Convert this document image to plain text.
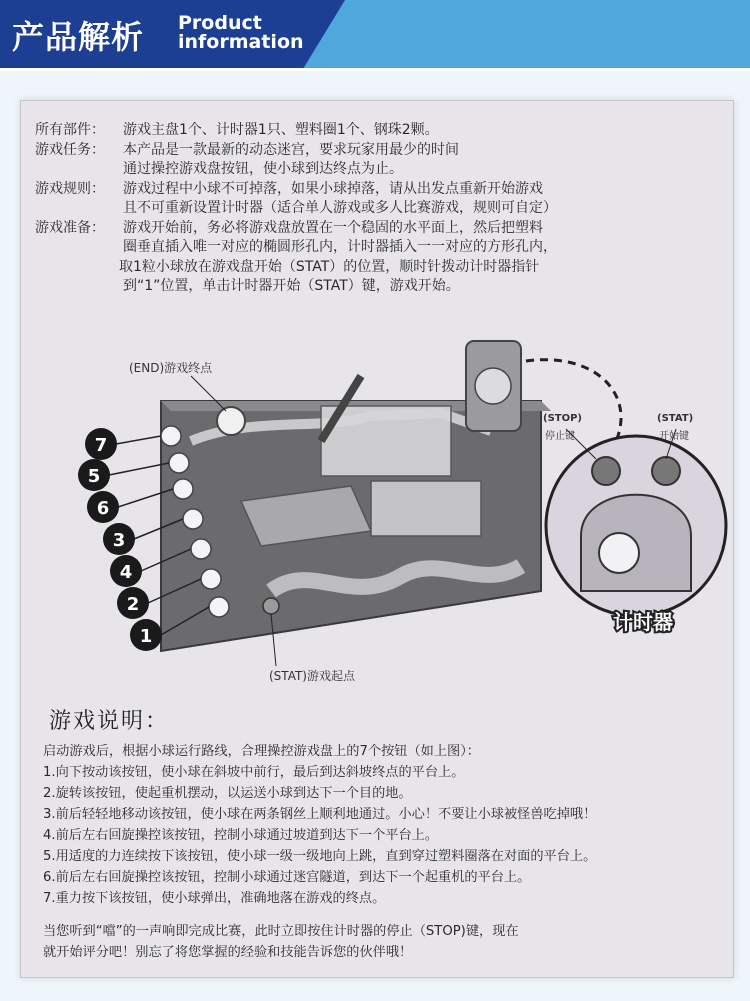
产品解析 Product
information
所有部件：	游戏主盘1个、计时器1只、塑料圈1个、钢珠2颗。
游戏任务：	本产品是一款最新的动态迷宫，要求玩家用最少的时间
通过操控游戏盘按钮，使小球到达终点为止。
游戏规则：	游戏过程中小球不可掉落，如果小球掉落，请从出发点重新开始游戏
且不可重新设置计时器（适合单人游戏或多人比赛游戏，规则可自定）
游戏准备：	游戏开始前，务必将游戏盘放置在一个稳固的水平面上，然后把塑料
圈垂直插入唯一对应的椭圆形孔内，计时器插入一一对应的方形孔内，
取1粒小球放在游戏盘开始（STAT）的位置，顺时针拨动计时器指针
到“1”位置，单击计时器开始（STAT）键，游戏开始。
7
5
6
3
4
2
1
计时器
(END)游戏终点
(STAT)游戏起点
(STOP)
停止键
(STAT)
开始键
游戏说明：
启动游戏后，根据小球运行路线，合理操控游戏盘上的7个按钮（如上图）：
1.向下按动该按钮，使小球在斜坡中前行，最后到达斜坡终点的平台上。
2.旋转该按钮，使起重机摆动，以运送小球到达下一个目的地。
3.前后轻轻地移动该按钮，使小球在两条钢丝上顺利地通过。小心！不要让小球被怪兽吃掉哦！
4.前后左右回旋操控该按钮，控制小球通过坡道到达下一个平台上。
5.用适度的力连续按下该按钮，使小球一级一级地向上跳，直到穿过塑料圈落在对面的平台上。
6.前后左右回旋操控该按钮，控制小球通过迷宫隧道，到达下一个起重机的平台上。
7.重力按下该按钮，使小球弹出，准确地落在游戏的终点。
当您听到“噹”的一声响即完成比赛，此时立即按住计时器的停止（STOP)键，现在
就开始评分吧！别忘了将您掌握的经验和技能告诉您的伙伴哦！
